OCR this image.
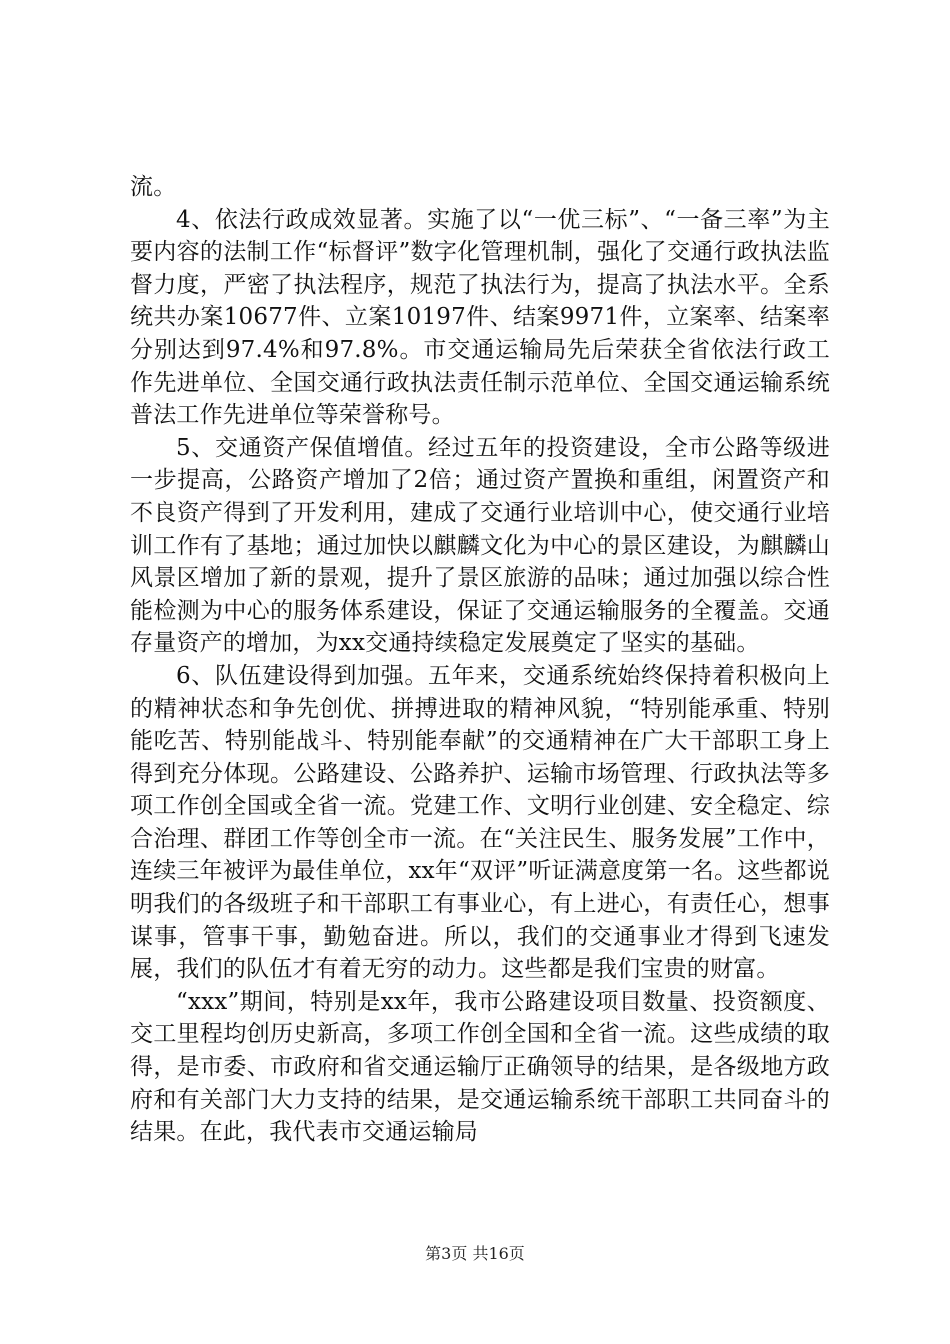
流。

4、依法行政成效显著。实施了以“一优三标”、“一备三率”为主要内容的法制工作“标督评”数字化管理机制，强化了交通行政执法监督力度，严密了执法程序，规范了执法行为，提高了执法水平。全系统共办案10677件、立案10197件、结案9971件，立案率、结案率分别达到97.4%和97.8%。市交通运输局先后荣获全省依法行政工作先进单位、全国交通行政执法责任制示范单位、全国交通运输系统普法工作先进单位等荣誉称号。

5、交通资产保值增值。经过五年的投资建设，全市公路等级进一步提高，公路资产增加了2倍；通过资产置换和重组，闲置资产和不良资产得到了开发利用，建成了交通行业培训中心，使交通行业培训工作有了基地；通过加快以麒麟文化为中心的景区建设，为麒麟山风景区增加了新的景观，提升了景区旅游的品味；通过加强以综合性能检测为中心的服务体系建设，保证了交通运输服务的全覆盖。交通存量资产的增加，为xx交通持续稳定发展奠定了坚实的基础。

6、队伍建设得到加强。五年来，交通系统始终保持着积极向上的精神状态和争先创优、拼搏进取的精神风貌，“特别能承重、特别能吃苦、特别能战斗、特别能奉献”的交通精神在广大干部职工身上得到充分体现。公路建设、公路养护、运输市场管理、行政执法等多项工作创全国或全省一流。党建工作、文明行业创建、安全稳定、综合治理、群团工作等创全市一流。在“关注民生、服务发展”工作中，连续三年被评为最佳单位，xx年“双评”听证满意度第一名。这些都说明我们的各级班子和干部职工有事业心，有上进心，有责任心，想事谋事，管事干事，勤勉奋进。所以，我们的交通事业才得到飞速发展，我们的队伍才有着无穷的动力。这些都是我们宝贵的财富。

“xxx”期间，特别是xx年，我市公路建设项目数量、投资额度、交工里程均创历史新高，多项工作创全国和全省一流。这些成绩的取得，是市委、市政府和省交通运输厅正确领导的结果，是各级地方政府和有关部门大力支持的结果，是交通运输系统干部职工共同奋斗的结果。在此，我代表市交通运输局

第3页 共16页
